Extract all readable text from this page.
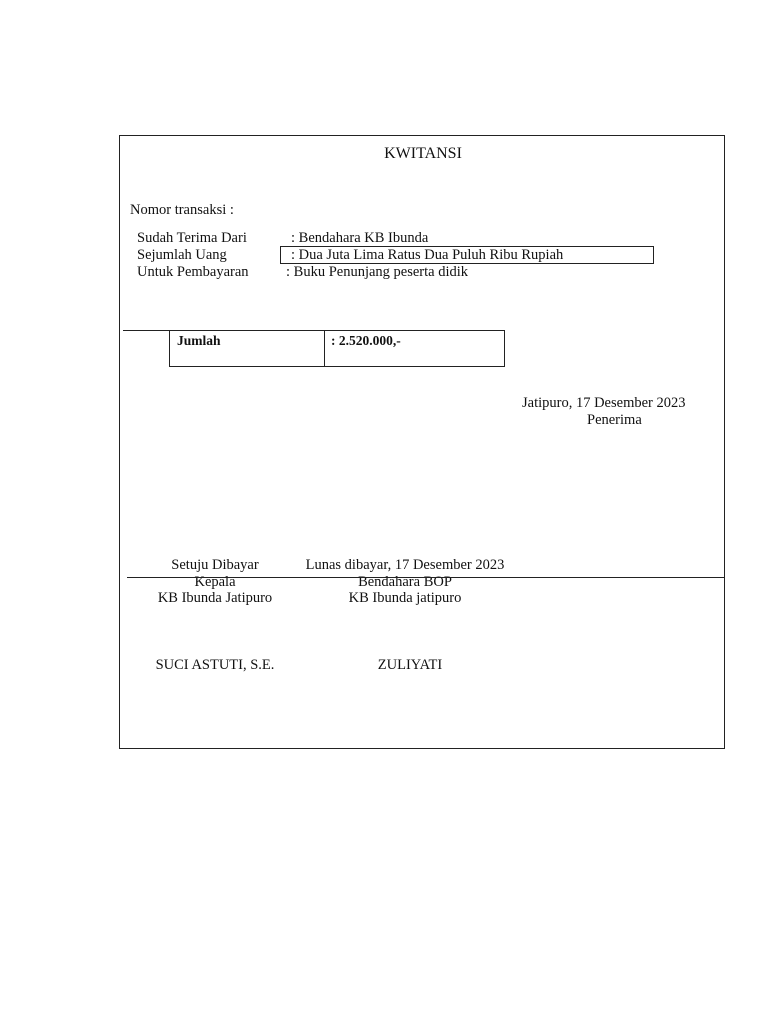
KWITANSI
Nomor transaksi :
Sudah Terima Dari	: Bendahara KB Ibunda
Sejumlah Uang	: Dua Juta Lima Ratus Dua Puluh Ribu Rupiah
Untuk Pembayaran	: Buku Penunjang peserta didik
Jumlah	: 2.520.000,-
Jatipuro, 17 Desember 2023
Penerima
Setuju Dibayar
Kepala
KB Ibunda Jatipuro
Lunas dibayar, 17 Desember 2023
Bendahara BOP
KB Ibunda jatipuro
SUCI ASTUTI, S.E.	ZULIYATI
